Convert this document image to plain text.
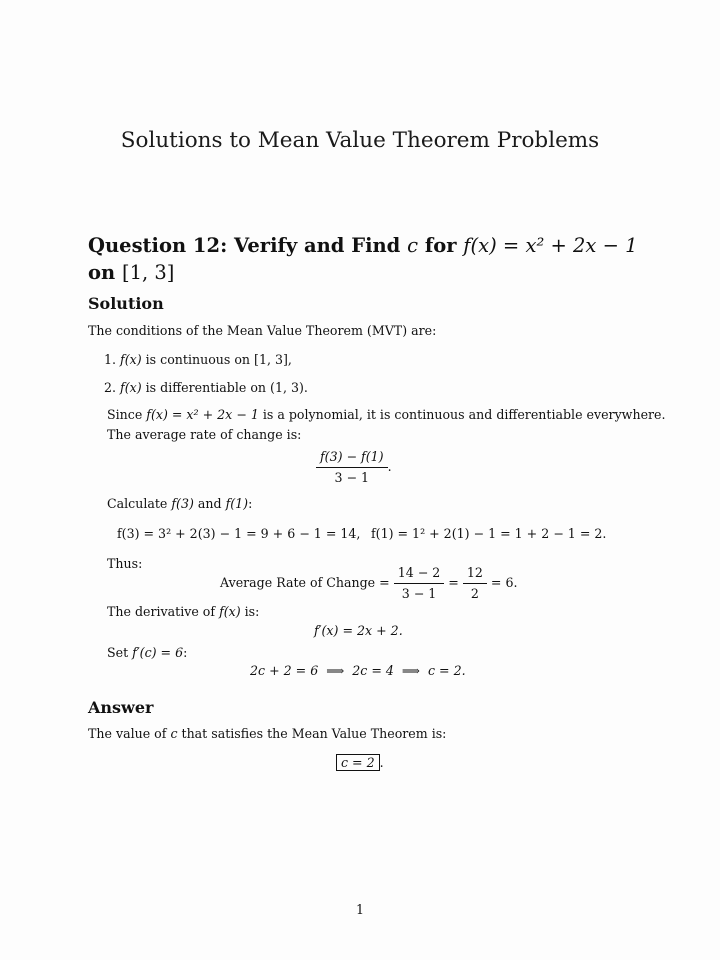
Solutions to Mean Value Theorem Problems
Question 12: Verify and Find c for f(x) = x² + 2x − 1 on [1, 3]
Solution
The conditions of the Mean Value Theorem (MVT) are:
1. f(x) is continuous on [1, 3],
2. f(x) is differentiable on (1, 3).
Since f(x) = x² + 2x − 1 is a polynomial, it is continuous and differentiable everywhere.
The average rate of change is:
$\frac{f(3) - f(1)}{3 - 1}$ .
Calculate f(3) and f(1):
f(3) = 3² + 2(3) − 1 = 9 + 6 − 1 = 14, f(1) = 1² + 2(1) − 1 = 1 + 2 − 1 = 2.
Thus:
Average Rate of Change = $\frac{14 - 2}{3 - 1} = \frac{12}{2} = 6$.
The derivative of f(x) is:
f′(x) = 2x + 2.
Set f′(c) = 6:
2c + 2 = 6  ⟹  2c = 4  ⟹  c = 2.
Answer
The value of c that satisfies the Mean Value Theorem is:
c = 2 .
1
